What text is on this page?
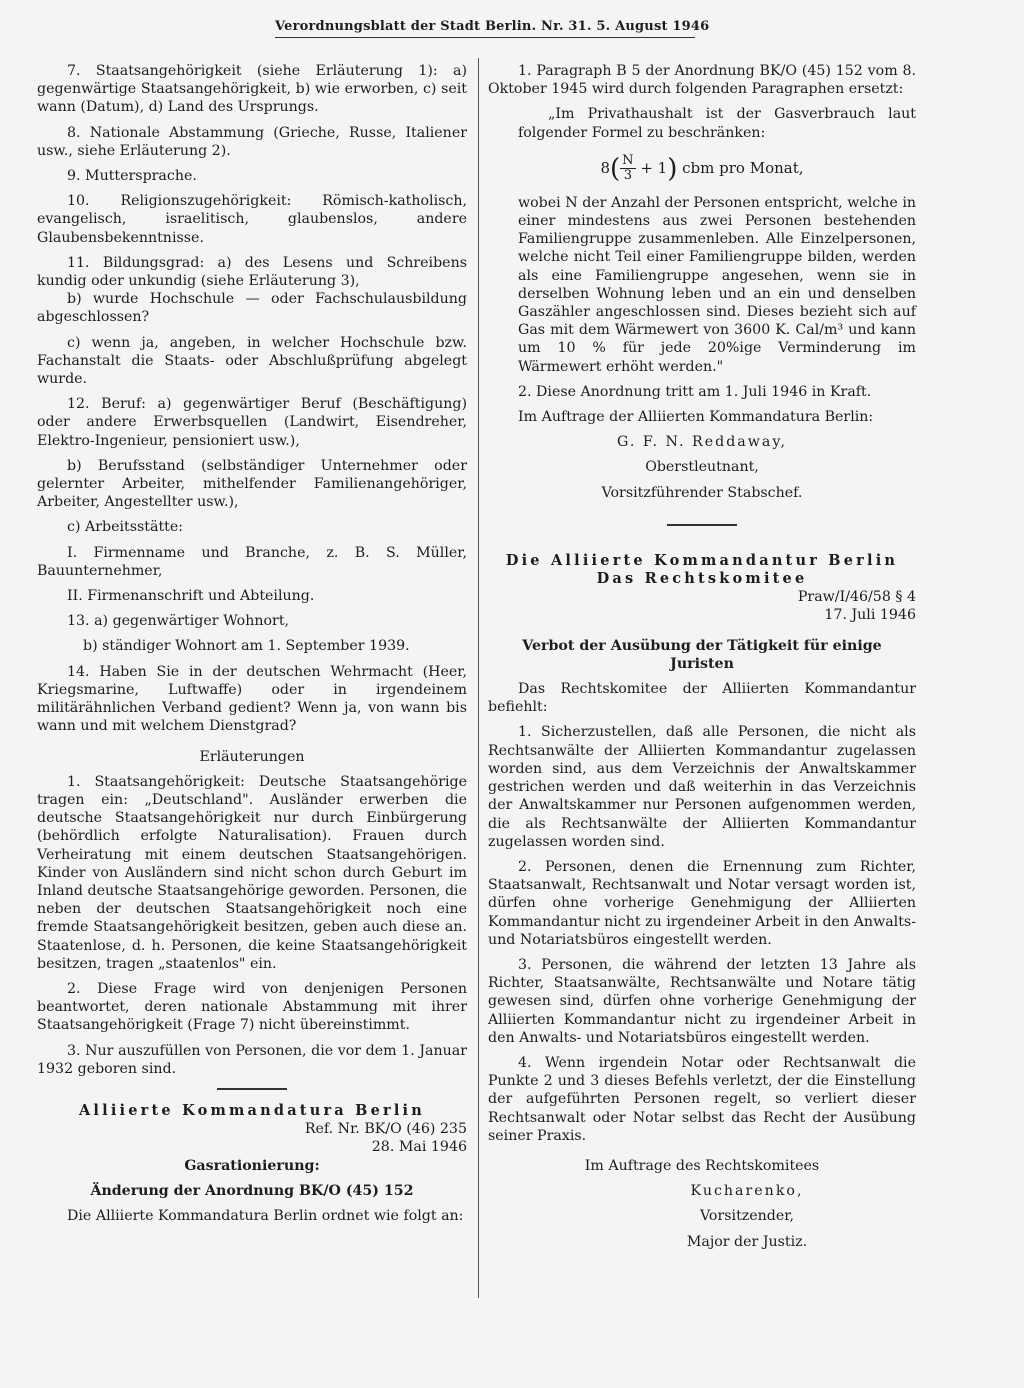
Verordnungsblatt der Stadt Berlin. Nr. 31. 5. August 1946

7. Staatsangehörigkeit (siehe Erläuterung 1): a) gegenwärtige Staatsangehörigkeit, b) wie erworben, c) seit wann (Datum), d) Land des Ursprungs.

8. Nationale Abstammung (Grieche, Russe, Italiener usw., siehe Erläuterung 2).

9. Muttersprache.

10. Religionszugehörigkeit: Römisch-katholisch, evangelisch, israelitisch, glaubenslos, andere Glaubensbekenntnisse.

11. Bildungsgrad: a) des Lesens und Schreibens kundig oder unkundig (siehe Erläuterung 3),

b) wurde Hochschule — oder Fachschulausbildung abgeschlossen?

c) wenn ja, angeben, in welcher Hochschule bzw. Fachanstalt die Staats- oder Abschlußprüfung abgelegt wurde.

12. Beruf: a) gegenwärtiger Beruf (Beschäftigung) oder andere Erwerbsquellen (Landwirt, Eisendreher, Elektro-Ingenieur, pensioniert usw.),

b) Berufsstand (selbständiger Unternehmer oder gelernter Arbeiter, mithelfender Familienangehöriger, Arbeiter, Angestellter usw.),

c) Arbeitsstätte:

I. Firmenname und Branche, z. B. S. Müller, Bauunternehmer,

II. Firmenanschrift und Abteilung.

13. a) gegenwärtiger Wohnort,

b) ständiger Wohnort am 1. September 1939.

14. Haben Sie in der deutschen Wehrmacht (Heer, Kriegsmarine, Luftwaffe) oder in irgendeinem militärähnlichen Verband gedient? Wenn ja, von wann bis wann und mit welchem Dienstgrad?

Erläuterungen

1. Staatsangehörigkeit: Deutsche Staatsangehörige tragen ein: „Deutschland". Ausländer erwerben die deutsche Staatsangehörigkeit nur durch Einbürgerung (behördlich erfolgte Naturalisation). Frauen durch Verheiratung mit einem deutschen Staatsangehörigen. Kinder von Ausländern sind nicht schon durch Geburt im Inland deutsche Staatsangehörige geworden. Personen, die neben der deutschen Staatsangehörigkeit noch eine fremde Staatsangehörigkeit besitzen, geben auch diese an. Staatenlose, d. h. Personen, die keine Staatsangehörigkeit besitzen, tragen „staatenlos" ein.

2. Diese Frage wird von denjenigen Personen beantwortet, deren nationale Abstammung mit ihrer Staatsangehörigkeit (Frage 7) nicht übereinstimmt.

3. Nur auszufüllen von Personen, die vor dem 1. Januar 1932 geboren sind.

Alliierte Kommandatura Berlin

Ref. Nr. BK/O (46) 235

28. Mai 1946

Gasrationierung:

Änderung der Anordnung BK/O (45) 152

Die Alliierte Kommandatura Berlin ordnet wie folgt an:

1. Paragraph B 5 der Anordnung BK/O (45) 152 vom 8. Oktober 1945 wird durch folgenden Paragraphen ersetzt:

„Im Privathaushalt ist der Gasverbrauch laut folgender Formel zu beschränken:

$8( \frac{N}{3} + 1)$ cbm pro Monat,

wobei N der Anzahl der Personen entspricht, welche in einer mindestens aus zwei Personen bestehenden Familiengruppe zusammenleben. Alle Einzelpersonen, welche nicht Teil einer Familiengruppe bilden, werden als eine Familiengruppe angesehen, wenn sie in derselben Wohnung leben und an ein und denselben Gaszähler angeschlossen sind. Dieses bezieht sich auf Gas mit dem Wärmewert von 3600 K. Cal/m³ und kann um 10 % für jede 20%ige Verminderung im Wärmewert erhöht werden."

2. Diese Anordnung tritt am 1. Juli 1946 in Kraft.

Im Auftrage der Alliierten Kommandatura Berlin:

G. F. N. Reddaway,

Oberstleutnant,

Vorsitzführender Stabschef.

Die Alliierte Kommandantur Berlin

Das Rechtskomitee

Praw/I/46/58 § 4

17. Juli 1946

Verbot der Ausübung der Tätigkeit für einige Juristen

Das Rechtskomitee der Alliierten Kommandantur befiehlt:

1. Sicherzustellen, daß alle Personen, die nicht als Rechtsanwälte der Alliierten Kommandantur zugelassen worden sind, aus dem Verzeichnis der Anwaltskammer gestrichen werden und daß weiterhin in das Verzeichnis der Anwaltskammer nur Personen aufgenommen werden, die als Rechtsanwälte der Alliierten Kommandantur zugelassen worden sind.

2. Personen, denen die Ernennung zum Richter, Staatsanwalt, Rechtsanwalt und Notar versagt worden ist, dürfen ohne vorherige Genehmigung der Alliierten Kommandantur nicht zu irgendeiner Arbeit in den Anwalts- und Notariatsbüros eingestellt werden.

3. Personen, die während der letzten 13 Jahre als Richter, Staatsanwälte, Rechtsanwälte und Notare tätig gewesen sind, dürfen ohne vorherige Genehmigung der Alliierten Kommandantur nicht zu irgendeiner Arbeit in den Anwalts- und Notariatsbüros eingestellt werden.

4. Wenn irgendein Notar oder Rechtsanwalt die Punkte 2 und 3 dieses Befehls verletzt, der die Einstellung der aufgeführten Personen regelt, so verliert dieser Rechtsanwalt oder Notar selbst das Recht der Ausübung seiner Praxis.

Im Auftrage des Rechtskomitees

Kucharenko,

Vorsitzender,

Major der Justiz.
